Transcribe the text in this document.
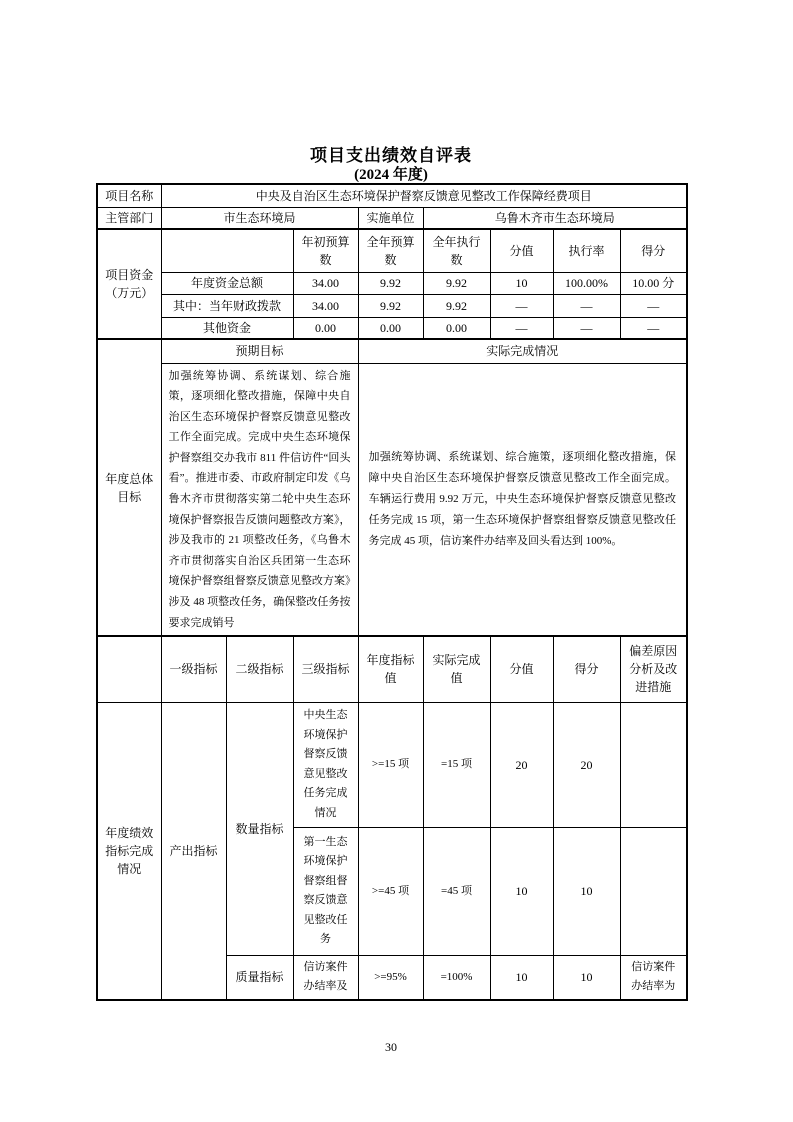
项目支出绩效自评表
(2024 年度)
项目名称	中央及自治区生态环境保护督察反馈意见整改工作保障经费项目							
主管部门	市生态环境局			实施单位	乌鲁木齐市生态环境局			
项目资金（万元）			年初预算数	全年预算数	全年执行数	分值	执行率	得分
	年度资金总额		34.00	9.92	9.92	10	100.00%	10.00 分
	其中：当年财政拨款		34.00	9.92	9.92	—	—	—
	其他资金		0.00	0.00	0.00	—	—	—
年度总体目标	预期目标			实际完成情况				
	加强统筹协调、系统谋划、综合施策，逐项细化整改措施，保障中央自治区生态环境保护督察反馈意见整改工作全面完成。完成中央生态环境保护督察组交办我市 811 件信访件“回头看”。推进市委、市政府制定印发《乌鲁木齐市贯彻落实第二轮中央生态环境保护督察报告反馈问题整改方案》，涉及我市的 21 项整改任务，《乌鲁木齐市贯彻落实自治区兵团第一生态环境保护督察组督察反馈意见整改方案》涉及 48 项整改任务，确保整改任务按 要求完成销号			加强统筹协调、系统谋划、综合施策，逐项细化整改措施，保障中央自治区生态环境保护督察反馈意见整改工作全面完成。车辆运行费用 9.92 万元，中央生态环境保护督察反馈意见整改任务完成 15 项，第一生态环境保护督察组督察反馈意见整改任务完成 45 项，信访案件办结率及回头看达到 100%。				
	一级指标	二级指标	三级指标	年度指标值	实际完成值	分值	得分	偏差原因分析及改进措施
年度绩效指标完成情况	产出指标	数量指标	中央生态环境保护督察反馈意见整改任务完成情况	>=15 项	=15 项	20	20	
			第一生态环境保护督察组督察反馈意见整改任务	>=45 项	=45 项	10	10	
		质量指标	信访案件办结率及	>=95%	=100%	10	10	信访案件办结率为
30
